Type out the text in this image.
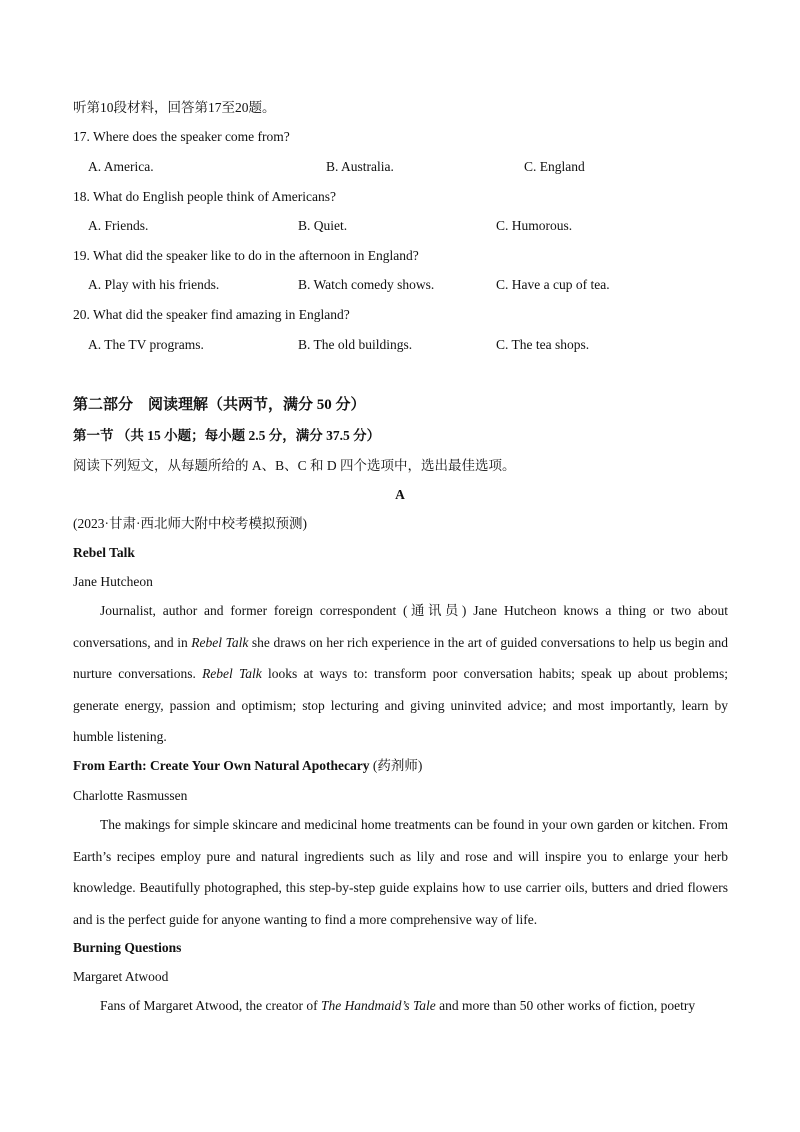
听第10段材料，回答第17至20题。
17. Where does the speaker come from?
A. America.	B. Australia.	C. England
18. What do English people think of Americans?
A. Friends.	B. Quiet.	C. Humorous.
19. What did the speaker like to do in the afternoon in England?
A. Play with his friends.	B. Watch comedy shows.	C. Have a cup of tea.
20. What did the speaker find amazing in England?
A. The TV programs.	B. The old buildings.	C. The tea shops.
第二部分　阅读理解（共两节，满分 50 分）
第一节 （共 15 小题；每小题 2.5 分，满分 37.5 分）
阅读下列短文，从每题所给的 A、B、C 和 D 四个选项中，选出最佳选项。
A
(2023·甘肃·西北师大附中校考模拟预测)
Rebel Talk
Jane Hutcheon
Journalist, author and former foreign correspondent (通讯员) Jane Hutcheon knows a thing or two about conversations, and in Rebel Talk she draws on her rich experience in the art of guided conversations to help us begin and nurture conversations. Rebel Talk looks at ways to: transform poor conversation habits; speak up about problems; generate energy, passion and optimism; stop lecturing and giving uninvited advice; and most importantly, learn by humble listening.
From Earth: Create Your Own Natural Apothecary (药剂师)
Charlotte Rasmussen
The makings for simple skincare and medicinal home treatments can be found in your own garden or kitchen. From Earth’s recipes employ pure and natural ingredients such as lily and rose and will inspire you to enlarge your herb knowledge. Beautifully photographed, this step-by-step guide explains how to use carrier oils, butters and dried flowers and is the perfect guide for anyone wanting to find a more comprehensive way of life.
Burning Questions
Margaret Atwood
Fans of Margaret Atwood, the creator of The Handmaid’s Tale and more than 50 other works of fiction, poetry
